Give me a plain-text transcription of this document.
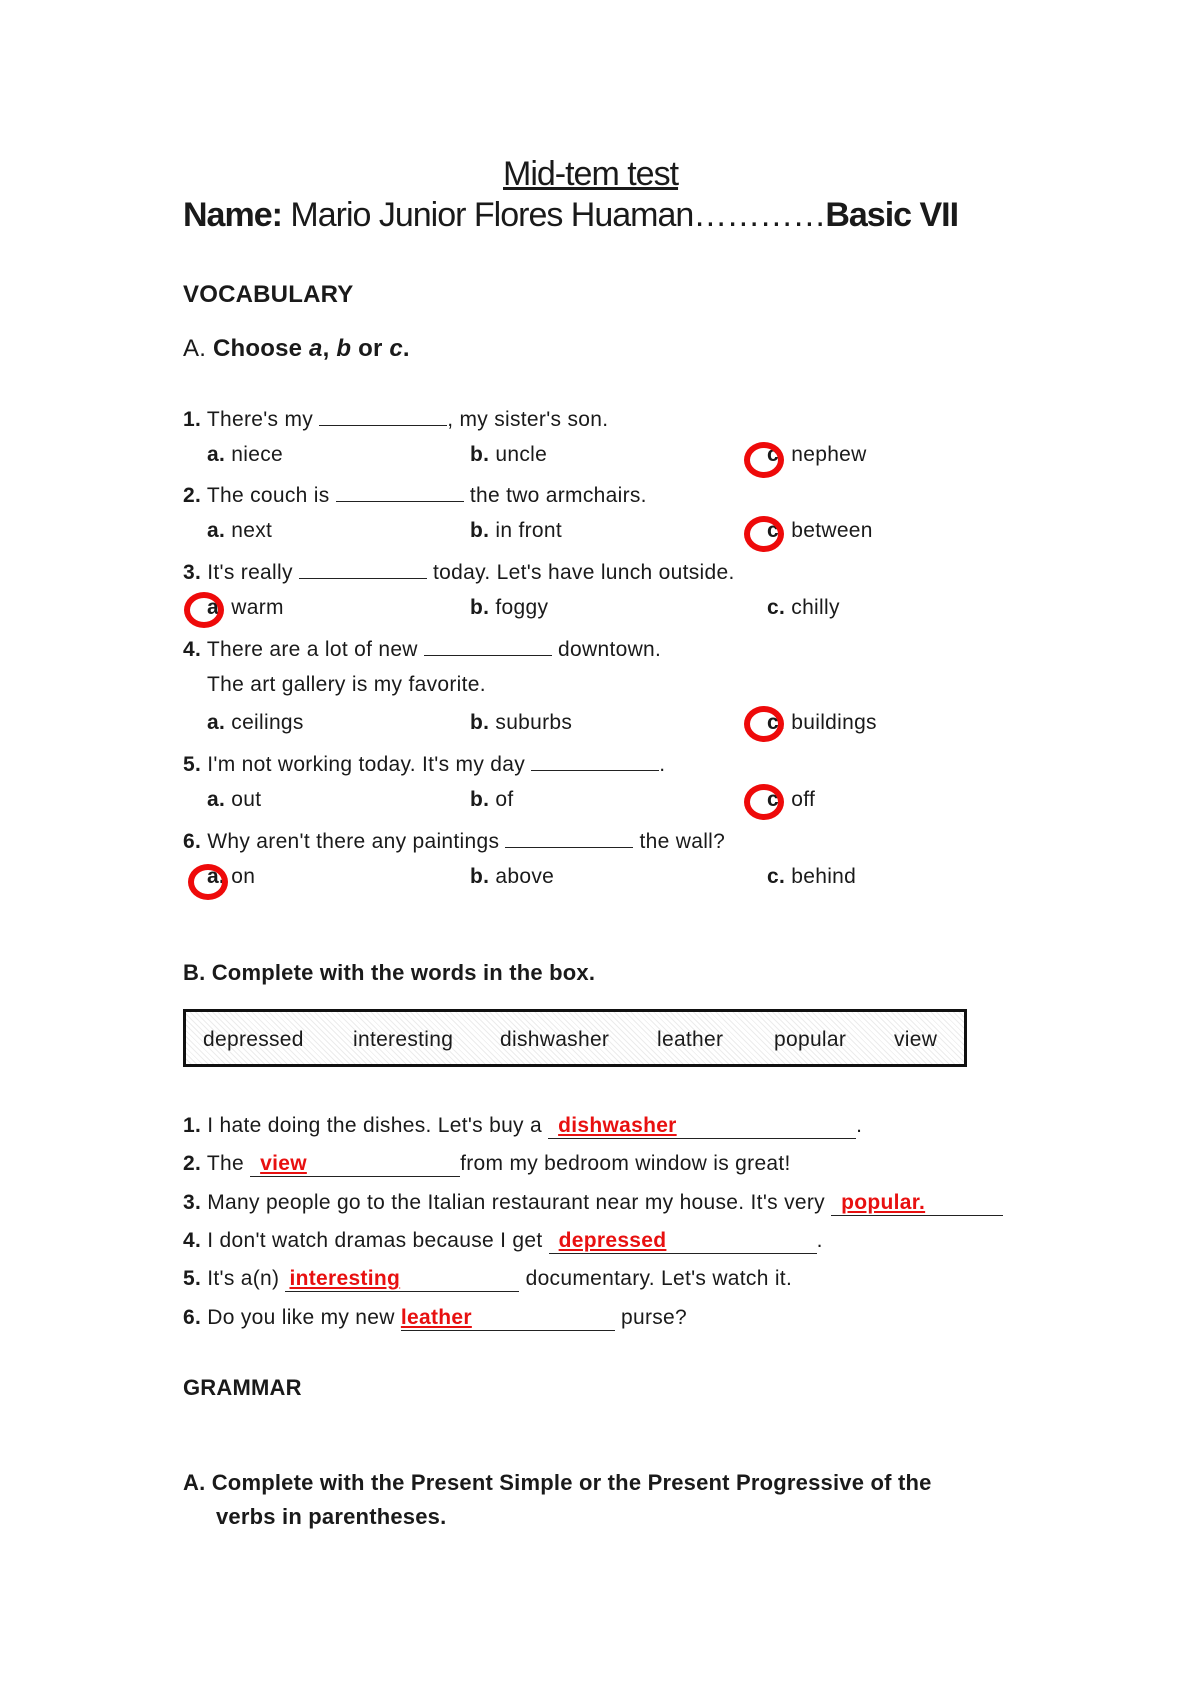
Mid-tem test
Name: Mario Junior Flores Huaman…………Basic VII
VOCABULARY
A. Choose a, b or c.
1. There's my	, my sister's son.
a. niece	b. uncle	c. nephew
2. The couch is	the two armchairs.
a. next	b. in front	c. between
3. It's really	today. Let's have lunch outside.
a. warm	b. foggy	c. chilly
4. There are a lot of new	downtown.
The art gallery is my favorite.
a. ceilings	b. suburbs	c. buildings
5. I'm not working today. It's my day	.
a. out	b. of	c. off
6. Why aren't there any paintings	the wall?
a. on	b. above	c. behind
B. Complete with the words in the box.
depressed interesting dishwasher leather popular view
1. I hate doing the dishes. Let's buy a dishwasher	.
2. The view	from my bedroom window is great!
3. Many people go to the Italian restaurant near my house. It's very popular.
4. I don't watch dramas because I get depressed	.
5. It's a(n) interesting	documentary. Let's watch it.
6. Do you like my new leather	purse?
GRAMMAR
A. Complete with the Present Simple or the Present Progressive of the
verbs in parentheses.
